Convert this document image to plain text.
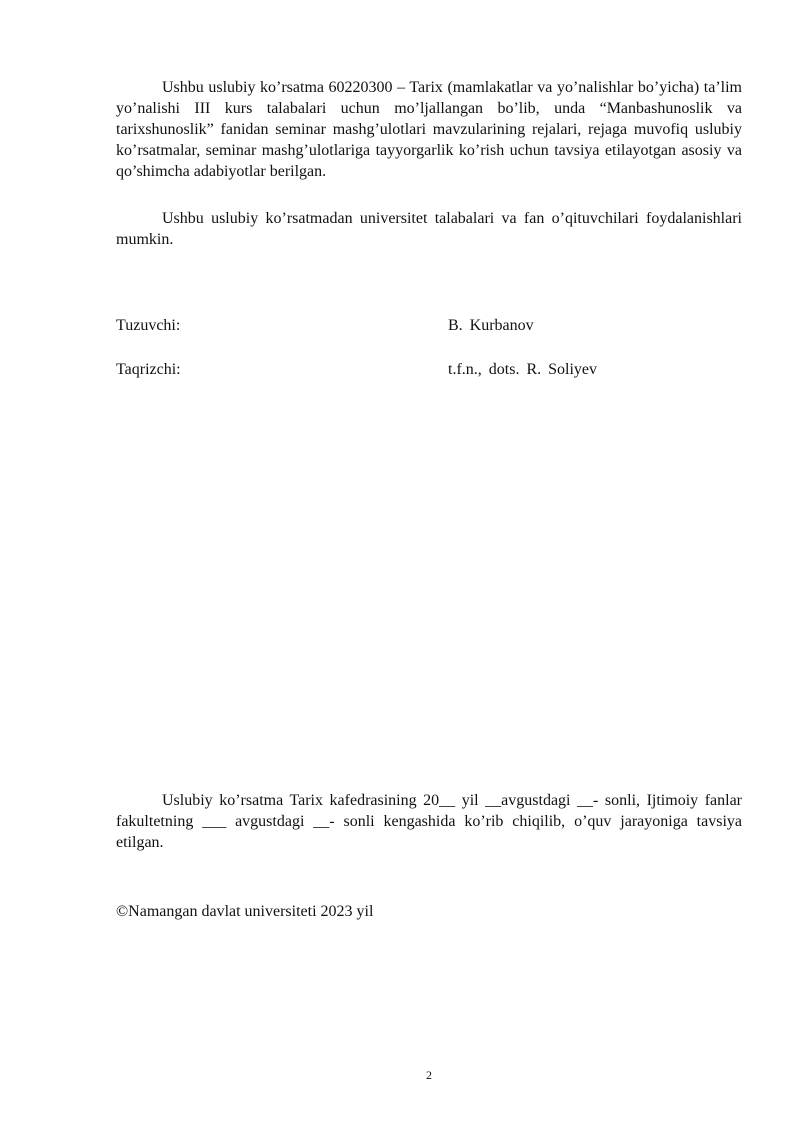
Ushbu uslubiy ko’rsatma 60220300 – Tarix (mamlakatlar va yo’nalishlar bo’yicha) ta’lim yo’nalishi III kurs talabalari uchun mo’ljallangan bo’lib, unda “Manbashunoslik va tarixshunoslik” fanidan seminar mashg’ulotlari mavzularining rejalari, rejaga muvofiq uslubiy ko’rsatmalar, seminar mashg’ulotlariga tayyorgarlik ko’rish uchun tavsiya etilayotgan asosiy va qo’shimcha adabiyotlar berilgan.

Ushbu uslubiy ko’rsatmadan universitet talabalari va fan o’qituvchilari foydalanishlari mumkin.

Tuzuvchi:	B. Kurbanov
Taqrizchi:	t.f.n., dots. R. Soliyev

Uslubiy ko’rsatma Tarix kafedrasining 20__ yil __avgustdagi __- sonli, Ijtimoiy fanlar fakultetning ___ avgustdagi __- sonli kengashida ko’rib chiqilib, o’quv jarayoniga tavsiya etilgan.

©Namangan davlat universiteti 2023 yil
2
